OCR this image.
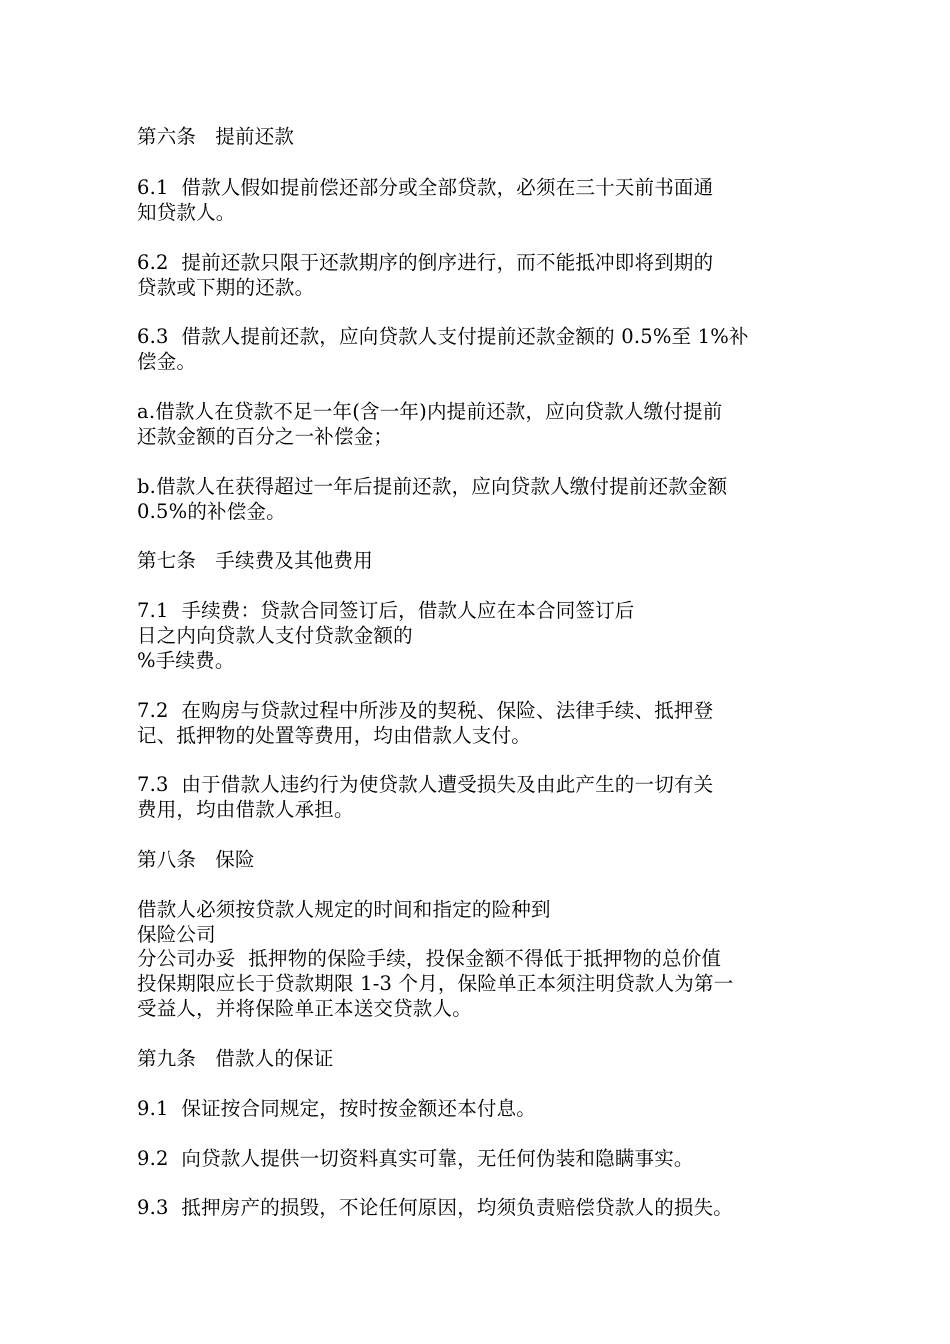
第六条   提前还款
6.1  借款人假如提前偿还部分或全部贷款，必须在三十天前书面通
知贷款人。
6.2  提前还款只限于还款期序的倒序进行，而不能抵冲即将到期的
贷款或下期的还款。
6.3  借款人提前还款，应向贷款人支付提前还款金额的 0.5%至 1%补
偿金。
a.借款人在贷款不足一年(含一年)内提前还款，应向贷款人缴付提前
还款金额的百分之一补偿金；
b.借款人在获得超过一年后提前还款，应向贷款人缴付提前还款金额
0.5%的补偿金。
第七条   手续费及其他费用
7.1  手续费：贷款合同签订后，借款人应在本合同签订后
日之内向贷款人支付贷款金额的
%手续费。
7.2  在购房与贷款过程中所涉及的契税、保险、法律手续、抵押登
记、抵押物的处置等费用，均由借款人支付。
7.3  由于借款人违约行为使贷款人遭受损失及由此产生的一切有关
费用，均由借款人承担。
第八条   保险
借款人必须按贷款人规定的时间和指定的险种到
保险公司
分公司办妥  抵押物的保险手续，投保金额不得低于抵押物的总价值
投保期限应长于贷款期限 1-3 个月，保险单正本须注明贷款人为第一
受益人，并将保险单正本送交贷款人。
第九条   借款人的保证
9.1  保证按合同规定，按时按金额还本付息。
9.2  向贷款人提供一切资料真实可靠，无任何伪装和隐瞒事实。
9.3  抵押房产的损毁，不论任何原因，均须负责赔偿贷款人的损失。
